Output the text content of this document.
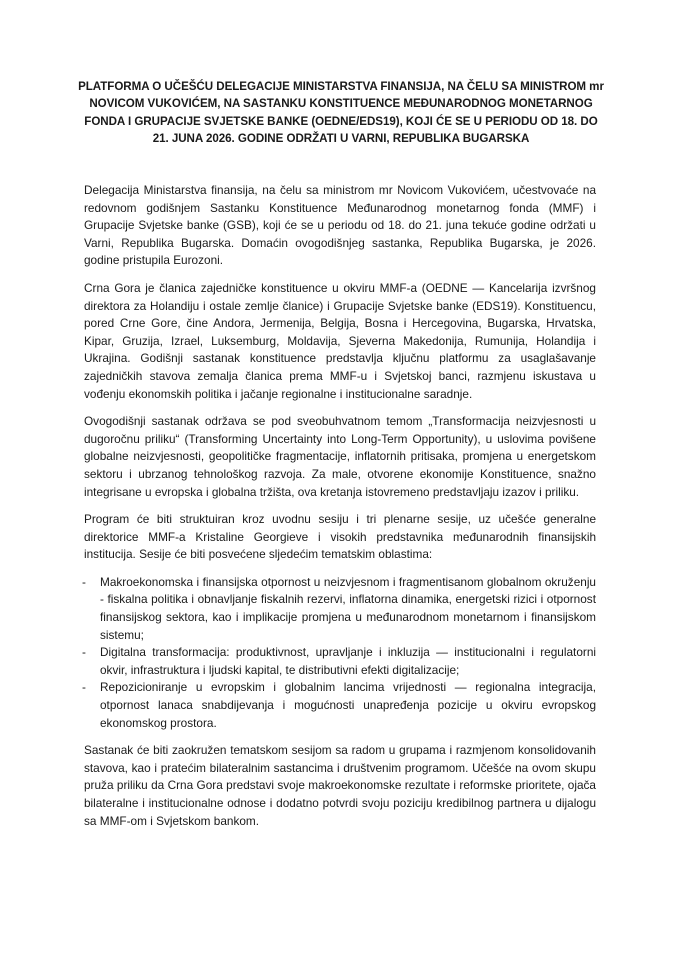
PLATFORMA O UČEŠĆU DELEGACIJE MINISTARSTVA FINANSIJA, NA ČELU SA MINISTROM mr NOVICOM VUKOVIĆEM, NA SASTANKU KONSTITUENCE MEĐUNARODNOG MONETARNOG FONDA I GRUPACIJE SVJETSKE BANKE (OEDNE/EDS19), KOJI ĆE SE U PERIODU OD 18. DO 21. JUNA 2026. GODINE ODRŽATI U VARNI, REPUBLIKA BUGARSKA

Delegacija Ministarstva finansija, na čelu sa ministrom mr Novicom Vukovićem, učestvovaće na redovnom godišnjem Sastanku Konstituence Međunarodnog monetarnog fonda (MMF) i Grupacije Svjetske banke (GSB), koji će se u periodu od 18. do 21. juna tekuće godine održati u Varni, Republika Bugarska. Domaćin ovogodišnjeg sastanka, Republika Bugarska, je 2026. godine pristupila Eurozoni.

Crna Gora je članica zajedničke konstituence u okviru MMF-a (OEDNE — Kancelarija izvršnog direktora za Holandiju i ostale zemlje članice) i Grupacije Svjetske banke (EDS19). Konstituencu, pored Crne Gore, čine Andora, Jermenija, Belgija, Bosna i Hercegovina, Bugarska, Hrvatska, Kipar, Gruzija, Izrael, Luksemburg, Moldavija, Sjeverna Makedonija, Rumunija, Holandija i Ukrajina. Godišnji sastanak konstituence predstavlja ključnu platformu za usaglašavanje zajedničkih stavova zemalja članica prema MMF-u i Svjetskoj banci, razmjenu iskustava u vođenju ekonomskih politika i jačanje regionalne i institucionalne saradnje.

Ovogodišnji sastanak održava se pod sveobuhvatnom temom „Transformacija neizvjesnosti u dugoročnu priliku“ (Transforming Uncertainty into Long-Term Opportunity), u uslovima povišene globalne neizvjesnosti, geopolitičke fragmentacije, inflatornih pritisaka, promjena u energetskom sektoru i ubrzanog tehnološkog razvoja. Za male, otvorene ekonomije Konstituence, snažno integrisane u evropska i globalna tržišta, ova kretanja istovremeno predstavljaju izazov i priliku.

Program će biti struktuiran kroz uvodnu sesiju i tri plenarne sesije, uz učešće generalne direktorice MMF-a Kristaline Georgieve i visokih predstavnika međunarodnih finansijskih institucija. Sesije će biti posvećene sljedećim tematskim oblastima:

- Makroekonomska i finansijska otpornost u neizvjesnom i fragmentisanom globalnom okruženju - fiskalna politika i obnavljanje fiskalnih rezervi, inflatorna dinamika, energetski rizici i otpornost finansijskog sektora, kao i implikacije promjena u međunarodnom monetarnom i finansijskom sistemu;
- Digitalna transformacija: produktivnost, upravljanje i inkluzija — institucionalni i regulatorni okvir, infrastruktura i ljudski kapital, te distributivni efekti digitalizacije;
- Repozicioniranje u evropskim i globalnim lancima vrijednosti — regionalna integracija, otpornost lanaca snabdijevanja i mogućnosti unapređenja pozicije u okviru evropskog ekonomskog prostora.

Sastanak će biti zaokružen tematskom sesijom sa radom u grupama i razmjenom konsolidovanih stavova, kao i pratećim bilateralnim sastancima i društvenim programom. Učešće na ovom skupu pruža priliku da Crna Gora predstavi svoje makroekonomske rezultate i reformske prioritete, ojača bilateralne i institucionalne odnose i dodatno potvrdi svoju poziciju kredibilnog partnera u dijalogu sa MMF-om i Svjetskom bankom.
